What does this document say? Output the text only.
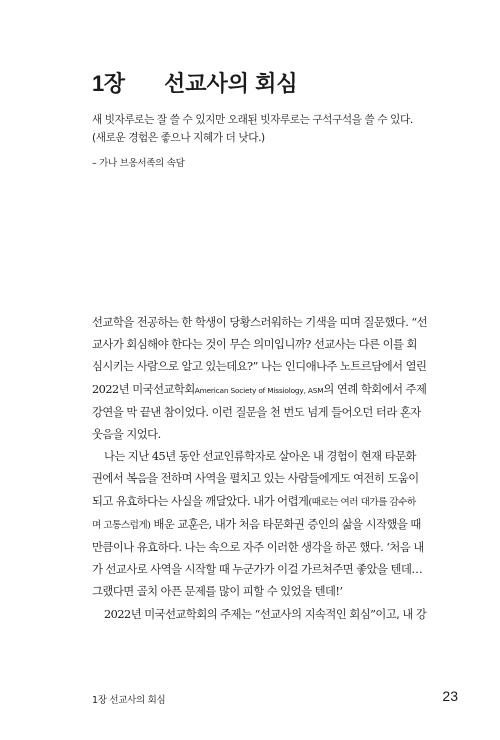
1장	선교사의 회심
새 빗자루로는 잘 쓸 수 있지만 오래된 빗자루로는 구석구석을 쓸 수 있다.
(새로운 경험은 좋으나 지혜가 더 낫다.)
– 가나 브옹서족의 속담

선교학을 전공하는 한 학생이 당황스러워하는 기색을 띠며 질문했다. “선
교사가 회심해야 한다는 것이 무슨 의미입니까? 선교사는 다른 이를 회
심시키는 사람으로 알고 있는데요?” 나는 인디애나주 노트르담에서 열린
2022년 미국선교학회American Society of Missiology, ASM의 연례 학회에서 주제
강연을 막 끝낸 참이었다. 이런 질문을 천 번도 넘게 들어오던 터라 혼자
웃음을 지었다.

나는 지난 45년 동안 선교인류학자로 살아온 내 경험이 현재 타문화
권에서 복음을 전하며 사역을 펼치고 있는 사람들에게도 여전히 도움이
되고 유효하다는 사실을 깨달았다. 내가 어렵게(때로는 여러 대가를 감수하
며 고통스럽게) 배운 교훈은, 내가 처음 타문화권 증인의 삶을 시작했을 때
만큼이나 유효하다. 나는 속으로 자주 이러한 생각을 하곤 했다. ‘처음 내
가 선교사로 사역을 시작할 때 누군가가 이걸 가르쳐주면 좋았을 텐데…
그랬다면 골치 아픈 문제를 많이 피할 수 있었을 텐데!’

2022년 미국선교학회의 주제는 “선교사의 지속적인 회심”이고, 내 강

1장 선교사의 회심	23
